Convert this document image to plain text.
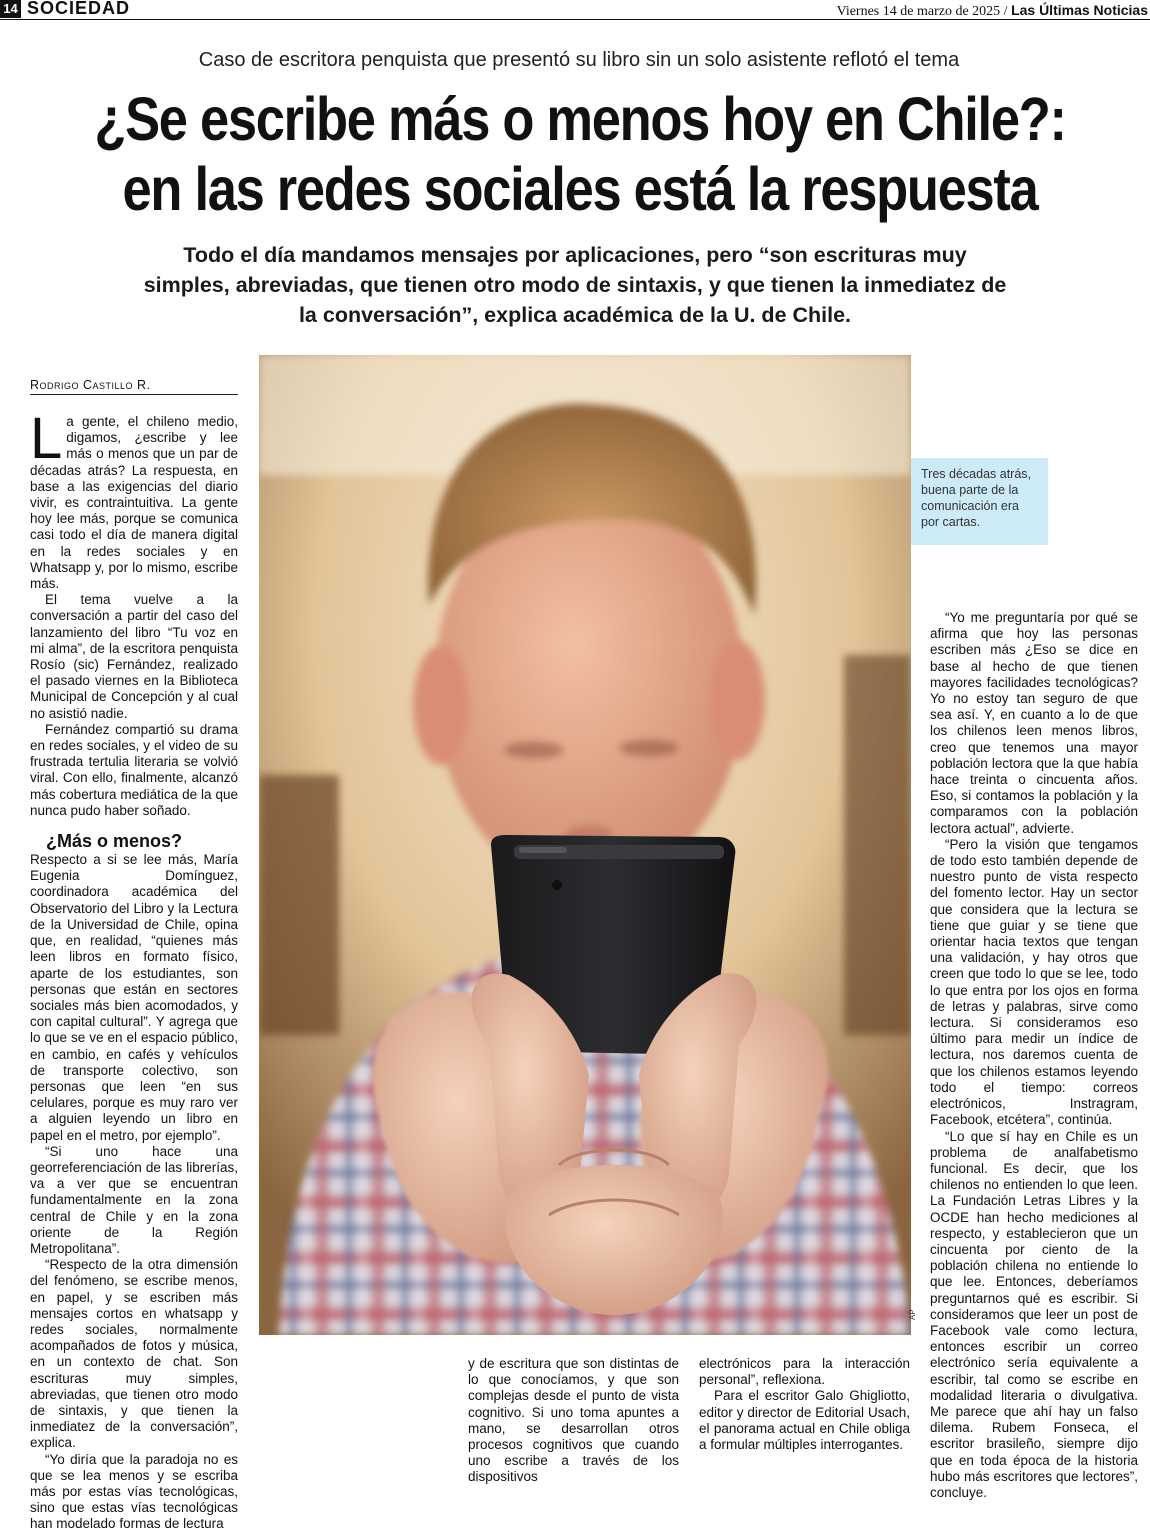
14 SOCIEDAD	Viernes 14 de marzo de 2025 / Las Últimas Noticias
Caso de escritora penquista que presentó su libro sin un solo asistente reflotó el tema
¿Se escribe más o menos hoy en Chile?: en las redes sociales está la respuesta
Todo el día mandamos mensajes por aplicaciones, pero “son escrituras muy simples, abreviadas, que tienen otro modo de sintaxis, y que tienen la inmediatez de la conversación”, explica académica de la U. de Chile.
Rodrigo Castillo R.

La gente, el chileno medio, digamos, ¿escribe y lee más o menos que un par de décadas atrás? La respuesta, en base a las exigencias del diario vivir, es contraintuitiva. La gente hoy lee más, porque se comunica casi todo el día de manera digital en la redes sociales y en Whatsapp y, por lo mismo, escribe más.

El tema vuelve a la conversación a partir del caso del lanzamiento del libro “Tu voz en mi alma”, de la escritora penquista Rosío (sic) Fernández, realizado el pasado viernes en la Biblioteca Municipal de Concepción y al cual no asistió nadie.

Fernández compartió su drama en redes sociales, y el video de su frustrada tertulia literaria se volvió viral. Con ello, finalmente, alcanzó más cobertura mediática de la que nunca pudo haber soñado.

¿Más o menos?

Respecto a si se lee más, María Eugenia Domínguez, coordinadora académica del Observatorio del Libro y la Lectura de la Universidad de Chile, opina que, en realidad, “quienes más leen libros en formato físico, aparte de los estudiantes, son personas que están en sectores sociales más bien acomodados, y con capital cultural”. Y agrega que lo que se ve en el espacio público, en cambio, en cafés y vehículos de transporte colectivo, son personas que leen “en sus celulares, porque es muy raro ver a alguien leyendo un libro en papel en el metro, por ejemplo”.

“Si uno hace una georreferenciación de las librerías, va a ver que se encuentran fundamentalmente en la zona central de Chile y en la zona oriente de la Región Metropolitana”.

“Respecto de la otra dimensión del fenómeno, se escribe menos, en papel, y se escriben más mensajes cortos en whatsapp y redes sociales, normalmente acompañados de fotos y música, en un contexto de chat. Son escrituras muy simples, abreviadas, que tienen otro modo de sintaxis, y que tienen la inmediatez de la conversación”, explica.

“Yo diría que la paradoja no es que se lea menos y se escriba más por estas vías tecnológicas, sino que estas vías tecnológicas han modelado formas de lectura

AP
Tres décadas atrás, buena parte de la comunicación era por cartas.

y de escritura que son distintas de lo que conocíamos, y que son complejas desde el punto de vista cognitivo. Si uno toma apuntes a mano, se desarrollan otros procesos cognitivos que cuando uno escribe a través de los dispositivos

electrónicos para la interacción personal”, reflexiona.

Para el escritor Galo Ghigliotto, editor y director de Editorial Usach, el panorama actual en Chile obliga a formular múltiples interrogantes.

“Yo me preguntaría por qué se afirma que hoy las personas escriben más ¿Eso se dice en base al hecho de que tienen mayores facilidades tecnológicas? Yo no estoy tan seguro de que sea así. Y, en cuanto a lo de que los chilenos leen menos libros, creo que tenemos una mayor población lectora que la que había hace treinta o cincuenta años. Eso, si contamos la población y la comparamos con la población lectora actual”, advierte.

“Pero la visión que tengamos de todo esto también depende de nuestro punto de vista respecto del fomento lector. Hay un sector que considera que la lectura se tiene que guiar y se tiene que orientar hacia textos que tengan una validación, y hay otros que creen que todo lo que se lee, todo lo que entra por los ojos en forma de letras y palabras, sirve como lectura. Si consideramos eso último para medir un índice de lectura, nos daremos cuenta de que los chilenos estamos leyendo todo el tiempo: correos electrónicos, Instragram, Facebook, etcétera”, continúa.

“Lo que sí hay en Chile es un problema de analfabetismo funcional. Es decir, que los chilenos no entienden lo que leen. La Fundación Letras Libres y la OCDE han hecho mediciones al respecto, y establecieron que un cincuenta por ciento de la población chilena no entiende lo que lee. Entonces, deberíamos preguntarnos qué es escribir. Si consideramos que leer un post de Facebook vale como lectura, entonces escribir un correo electrónico sería equivalente a escribir, tal como se escribe en modalidad literaria o divulgativa. Me parece que ahí hay un falso dilema. Rubem Fonseca, el escritor brasileño, siempre dijo que en toda época de la historia hubo más escritores que lectores”, concluye.
